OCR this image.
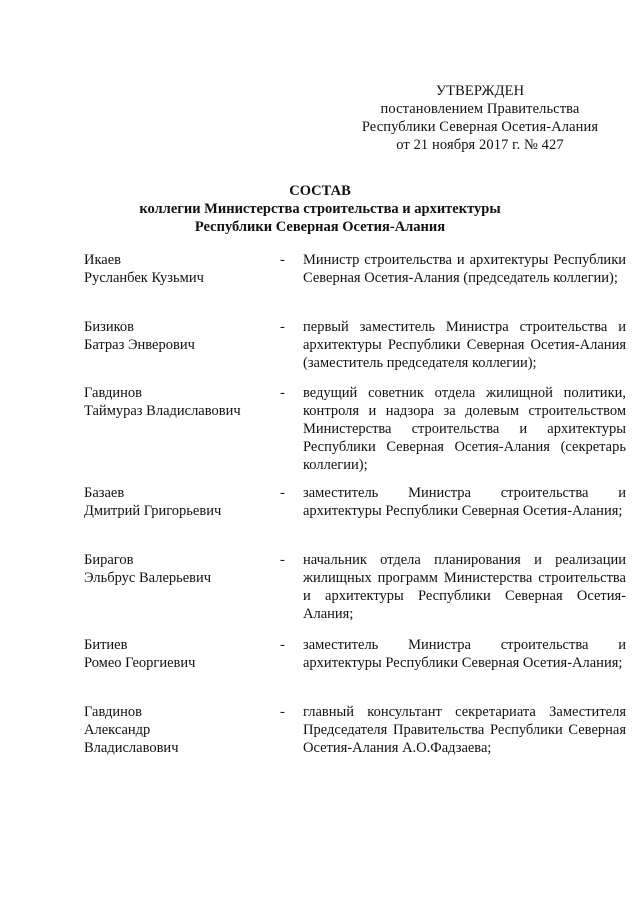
УТВЕРЖДЕН
постановлением Правительства
Республики Северная Осетия-Алания
от 21 ноября 2017 г. № 427
СОСТАВ
коллегии Министерства строительства и архитектуры
Республики Северная Осетия-Алания
Икаев
Русланбек Кузьмич
- Министр строительства и архитектуры Республики Северная Осетия-Алания (председатель коллегии);
Бизиков
Батраз Энверович
- первый заместитель Министра строительства и архитектуры Республики Северная Осетия-Алания (заместитель председателя коллегии);
Гавдинов
Таймураз Владиславович
- ведущий советник отдела жилищной политики, контроля и надзора за долевым строительством Министерства строительства и архитектуры Республики Северная Осетия-Алания (секретарь коллегии);
Базаев
Дмитрий Григорьевич
- заместитель Министра строительства и архитектуры Республики Северная Осетия-Алания;
Бирагов
Эльбрус Валерьевич
- начальник отдела планирования и реализации жилищных программ Министерства строительства и архитектуры Республики Северная Осетия-Алания;
Битиев
Ромео Георгиевич
- заместитель Министра строительства и архитектуры Республики Северная Осетия-Алания;
Гавдинов
Александр
Владиславович
- главный консультант секретариата Заместителя Председателя Правительства Республики Северная Осетия-Алания А.О.Фадзаева;
